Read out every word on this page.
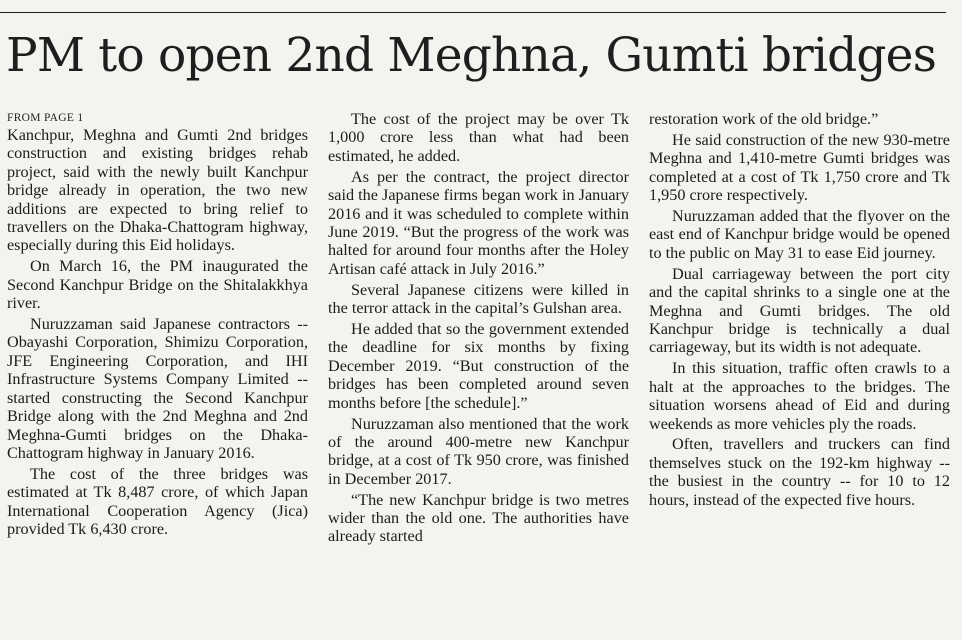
PM to open 2nd Meghna, Gumti bridges
FROM PAGE 1

Kanchpur, Meghna and Gumti 2nd bridges construction and existing bridges rehab project, said with the newly built Kanchpur bridge already in operation, the two new additions are expected to bring relief to travellers on the Dhaka-Chattogram highway, especially during this Eid holidays.

On March 16, the PM inaugurated the Second Kanchpur Bridge on the Shitalakkhya river.

Nuruzzaman said Japanese contractors -- Obayashi Corporation, Shimizu Corporation, JFE Engineering Corporation, and IHI Infrastructure Systems Company Limited -- started constructing the Second Kanchpur Bridge along with the 2nd Meghna and 2nd Meghna-Gumti bridges on the Dhaka-Chattogram highway in January 2016.

The cost of the three bridges was estimated at Tk 8,487 crore, of which Japan International Cooperation Agency (Jica) provided Tk 6,430 crore.

The cost of the project may be over Tk 1,000 crore less than what had been estimated, he added.

As per the contract, the project director said the Japanese firms began work in January 2016 and it was scheduled to complete within June 2019. “But the progress of the work was halted for around four months after the Holey Artisan café attack in July 2016.”

Several Japanese citizens were killed in the terror attack in the capital’s Gulshan area.

He added that so the government extended the deadline for six months by fixing December 2019. “But construction of the bridges has been completed around seven months before [the schedule].”

Nuruzzaman also mentioned that the work of the around 400-metre new Kanchpur bridge, at a cost of Tk 950 crore, was finished in December 2017.

“The new Kanchpur bridge is two metres wider than the old one. The authorities have already started

restoration work of the old bridge.”

He said construction of the new 930-metre Meghna and 1,410-metre Gumti bridges was completed at a cost of Tk 1,750 crore and Tk 1,950 crore respectively.

Nuruzzaman added that the flyover on the east end of Kanchpur bridge would be opened to the public on May 31 to ease Eid journey.

Dual carriageway between the port city and the capital shrinks to a single one at the Meghna and Gumti bridges. The old Kanchpur bridge is technically a dual carriageway, but its width is not adequate.

In this situation, traffic often crawls to a halt at the approaches to the bridges. The situation worsens ahead of Eid and during weekends as more vehicles ply the roads.

Often, travellers and truckers can find themselves stuck on the 192-km highway --the busiest in the country -- for 10 to 12 hours, instead of the expected five hours.
